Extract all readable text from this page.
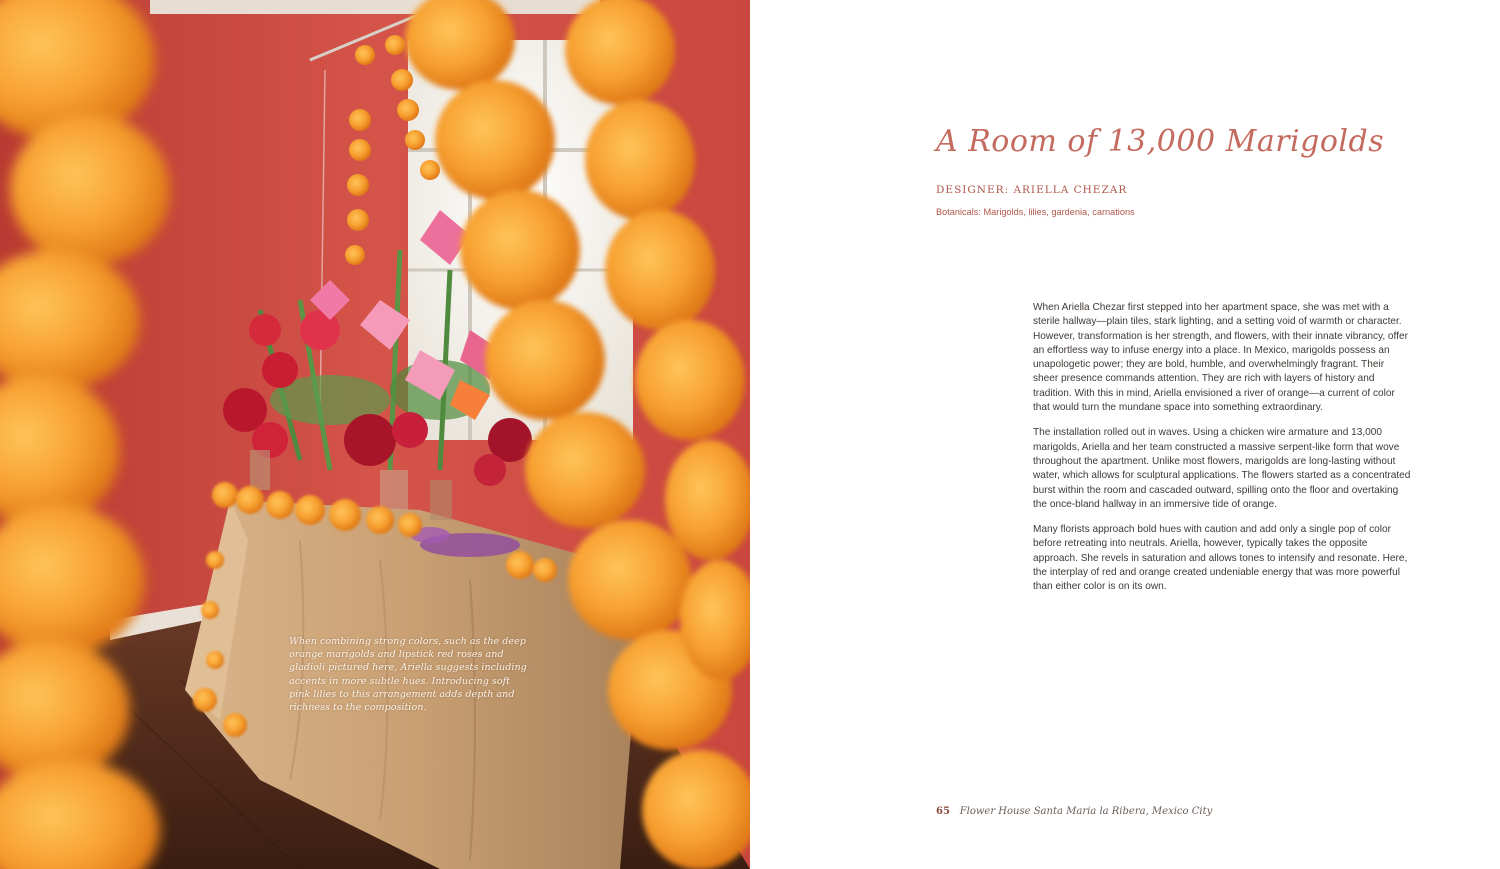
When combining strong colors, such as the deep orange marigolds and lipstick red roses and gladioli pictured here, Ariella suggests including accents in more subtle hues. Introducing soft pink lilies to this arrangement adds depth and richness to the composition.
A Room of 13,000 Marigolds
DESIGNER: ARIELLA CHEZAR
Botanicals: Marigolds, lilies, gardenia, carnations

When Ariella Chezar first stepped into her apartment space, she was met with a sterile hallway—plain tiles, stark lighting, and a setting void of warmth or character. However, transformation is her strength, and flowers, with their innate vibrancy, offer an effortless way to infuse energy into a place. In Mexico, marigolds possess an unapologetic power; they are bold, humble, and overwhelmingly fragrant. Their sheer presence commands attention. They are rich with layers of history and tradition. With this in mind, Ariella envisioned a river of orange—a current of color that would turn the mundane space into something extraordinary.

The installation rolled out in waves. Using a chicken wire armature and 13,000 marigolds, Ariella and her team constructed a massive serpent-like form that wove throughout the apartment. Unlike most flowers, marigolds are long-lasting without water, which allows for sculptural applications. The flowers started as a concentrated burst within the room and cascaded outward, spilling onto the floor and overtaking the once-bland hallway in an immersive tide of orange.

Many florists approach bold hues with caution and add only a single pop of color before retreating into neutrals. Ariella, however, typically takes the opposite approach. She revels in saturation and allows tones to intensify and resonate. Here, the interplay of red and orange created undeniable energy that was more powerful than either color is on its own.

65 Flower House Santa Maria la Ribera, Mexico City
